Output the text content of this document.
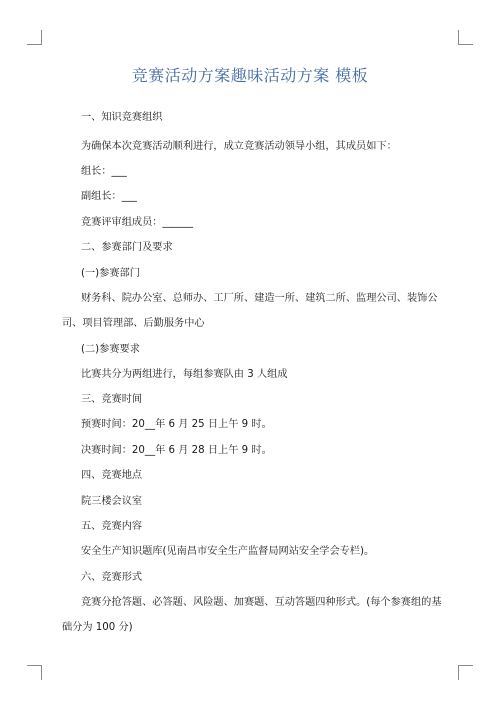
竞赛活动方案趣味活动方案 模板
一、知识竞赛组织
为确保本次竞赛活动顺利进行，成立竞赛活动领导小组，其成员如下：
组长：___
副组长：___
竞赛评审组成员：______
二、参赛部门及要求
(一)参赛部门
财务科、院办公室、总师办、工厂所、建造一所、建筑二所、监理公司、装饰公
司、项目管理部、后勤服务中心
(二)参赛要求
比赛共分为两组进行，每组参赛队由 3 人组成
三、竞赛时间
预赛时间：20__年 6 月 25 日上午 9 时。
决赛时间：20__年 6 月 28 日上午 9 时。
四、竞赛地点
院三楼会议室
五、竞赛内容
安全生产知识题库(见南昌市安全生产监督局网站安全学会专栏)。
六、竞赛形式
竞赛分抢答题、必答题、风险题、加赛题、互动答题四种形式。(每个参赛组的基
础分为 100 分)
